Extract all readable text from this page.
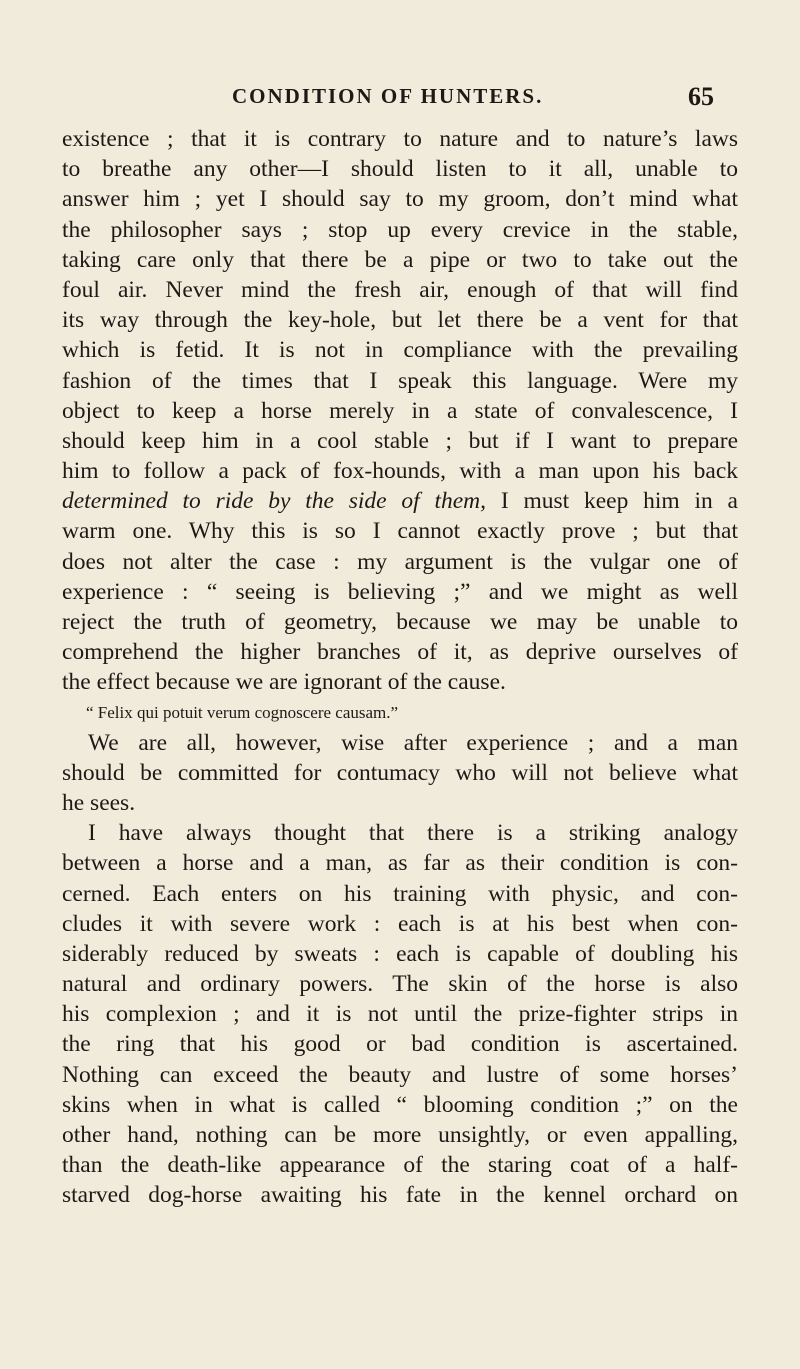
CONDITION OF HUNTERS.	65
existence ; that it is contrary to nature and to nature’s laws
to breathe any other—I should listen to it all, unable to
answer him ; yet I should say to my groom, don’t mind what
the philosopher says ; stop up every crevice in the stable,
taking care only that there be a pipe or two to take out the
foul air. Never mind the fresh air, enough of that will find
its way through the key-hole, but let there be a vent for that
which is fetid. It is not in compliance with the prevailing
fashion of the times that I speak this language. Were my
object to keep a horse merely in a state of convalescence, I
should keep him in a cool stable ; but if I want to prepare
him to follow a pack of fox-hounds, with a man upon his back
determined to ride by the side of them, I must keep him in a
warm one. Why this is so I cannot exactly prove ; but that
does not alter the case : my argument is the vulgar one of
experience : “ seeing is believing ;” and we might as well
reject the truth of geometry, because we may be unable to
comprehend the higher branches of it, as deprive ourselves of
the effect because we are ignorant of the cause.
“ Felix qui potuit verum cognoscere causam.”
We are all, however, wise after experience ; and a man
should be committed for contumacy who will not believe what
he sees.
I have always thought that there is a striking analogy
between a horse and a man, as far as their condition is con-
cerned. Each enters on his training with physic, and con-
cludes it with severe work : each is at his best when con-
siderably reduced by sweats : each is capable of doubling his
natural and ordinary powers. The skin of the horse is also
his complexion ; and it is not until the prize-fighter strips in
the ring that his good or bad condition is ascertained.
Nothing can exceed the beauty and lustre of some horses’
skins when in what is called “ blooming condition ;” on the
other hand, nothing can be more unsightly, or even appalling,
than the death-like appearance of the staring coat of a half-
starved dog-horse awaiting his fate in the kennel orchard on
